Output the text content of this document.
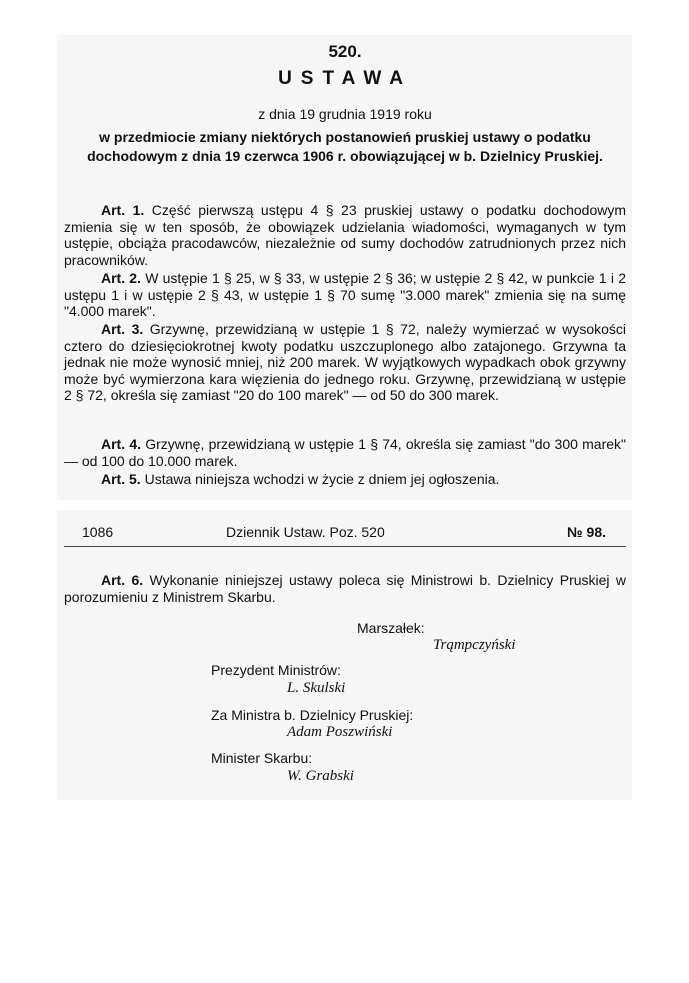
520.
USTAWA
z dnia 19 grudnia 1919 roku
w przedmiocie zmiany niektórych postanowień pruskiej ustawy o podatku dochodowym z dnia 19 czerwca 1906 r. obowiązującej w b. Dzielnicy Pruskiej.

Art. 1. Część pierwszą ustępu 4 § 23 pruskiej ustawy o podatku dochodowym zmienia się w ten sposób, że obowiązek udzielania wiadomości, wymaganych w tym ustępie, obciąża pracodawców, niezależnie od sumy dochodów zatrudnionych przez nich pracowników.

Art. 2. W ustępie 1 § 25, w § 33, w ustępie 2 § 36; w ustępie 2 § 42, w punkcie 1 i 2 ustępu 1 i w ustępie 2 § 43, w ustępie 1 § 70 sumę "3.000 marek" zmienia się na sumę "4.000 marek".

Art. 3. Grzywnę, przewidzianą w ustępie 1 § 72, należy wymierzać w wysokości cztero do dziesięciokrotnej kwoty podatku uszczuplonego albo zatajonego. Grzywna ta jednak nie może wynosić mniej, niż 200 marek. W wyjątkowych wypadkach obok grzywny może być wymierzona kara więzienia do jednego roku. Grzywnę, przewidzianą w ustępie 2 § 72, określa się zamiast "20 do 100 marek" — od 50 do 300 marek.

Art. 4. Grzywnę, przewidzianą w ustępie 1 § 74, określa się zamiast "do 300 marek" — od 100 do 10.000 marek.

Art. 5. Ustawa niniejsza wchodzi w życie z dniem jej ogłoszenia.

1086	Dziennik Ustaw. Poz. 520	№ 98.

Art. 6. Wykonanie niniejszej ustawy poleca się Ministrowi b. Dzielnicy Pruskiej w porozumieniu z Ministrem Skarbu.

Marszałek:
Trąmpczyński
Prezydent Ministrów:
L. Skulski
Za Ministra b. Dzielnicy Pruskiej:
Adam Poszwiński
Minister Skarbu:
W. Grabski
